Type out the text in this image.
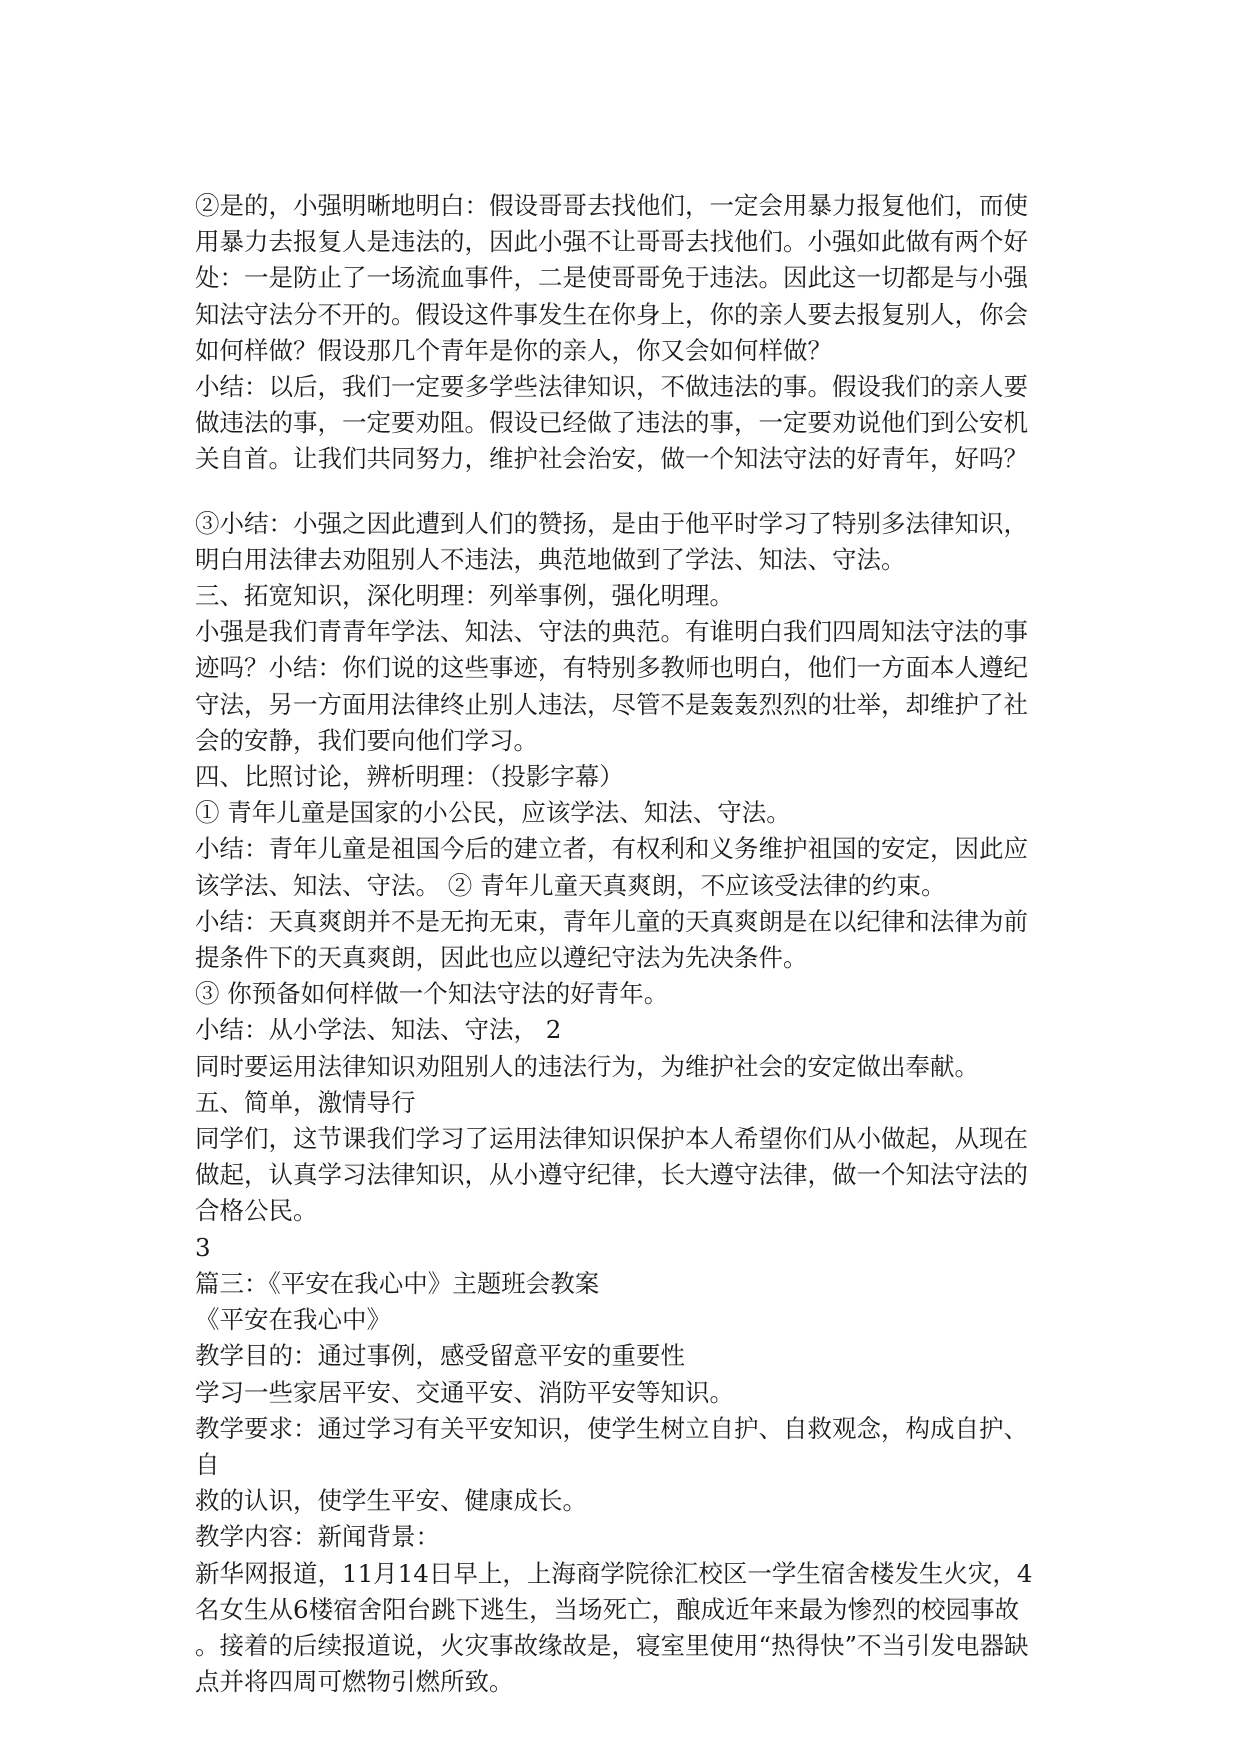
②是的，小强明晰地明白：假设哥哥去找他们，一定会用暴力报复他们，而使

用暴力去报复人是违法的，因此小强不让哥哥去找他们。小强如此做有两个好

处：一是防止了一场流血事件，二是使哥哥免于违法。因此这一切都是与小强

知法守法分不开的。假设这件事发生在你身上，你的亲人要去报复别人，你会

如何样做？假设那几个青年是你的亲人，你又会如何样做？

小结：以后，我们一定要多学些法律知识，不做违法的事。假设我们的亲人要

做违法的事，一定要劝阻。假设已经做了违法的事，一定要劝说他们到公安机

关自首。让我们共同努力，维护社会治安，做一个知法守法的好青年，好吗？

③小结：小强之因此遭到人们的赞扬，是由于他平时学习了特别多法律知识，

明白用法律去劝阻别人不违法，典范地做到了学法、知法、守法。

三、拓宽知识，深化明理：列举事例，强化明理。

小强是我们青青年学法、知法、守法的典范。有谁明白我们四周知法守法的事

迹吗？小结：你们说的这些事迹，有特别多教师也明白，他们一方面本人遵纪

守法，另一方面用法律终止别人违法，尽管不是轰轰烈烈的壮举，却维护了社

会的安静，我们要向他们学习。

四、比照讨论，辨析明理：（投影字幕）

① 青年儿童是国家的小公民，应该学法、知法、守法。

小结：青年儿童是祖国今后的建立者，有权利和义务维护祖国的安定，因此应

该学法、知法、守法。 ② 青年儿童天真爽朗，不应该受法律的约束。

小结：天真爽朗并不是无拘无束，青年儿童的天真爽朗是在以纪律和法律为前

提条件下的天真爽朗，因此也应以遵纪守法为先决条件。

③ 你预备如何样做一个知法守法的好青年。

小结：从小学法、知法、守法， 2

同时要运用法律知识劝阻别人的违法行为，为维护社会的安定做出奉献。

五、简单，激情导行

同学们，这节课我们学习了运用法律知识保护本人希望你们从小做起，从现在

做起，认真学习法律知识，从小遵守纪律，长大遵守法律，做一个知法守法的

合格公民。

3

篇三：《平安在我心中》主题班会教案

《平安在我心中》

教学目的：通过事例，感受留意平安的重要性

学习一些家居平安、交通平安、消防平安等知识。

教学要求：通过学习有关平安知识，使学生树立自护、自救观念，构成自护、

自

救的认识，使学生平安、健康成长。

教学内容：新闻背景：

新华网报道，11月14日早上，上海商学院徐汇校区一学生宿舍楼发生火灾，4

名女生从6楼宿舍阳台跳下逃生，当场死亡，酿成近年来最为惨烈的校园事故

。接着的后续报道说，火灾事故缘故是，寝室里使用“热得快”不当引发电器缺

点并将四周可燃物引燃所致。
